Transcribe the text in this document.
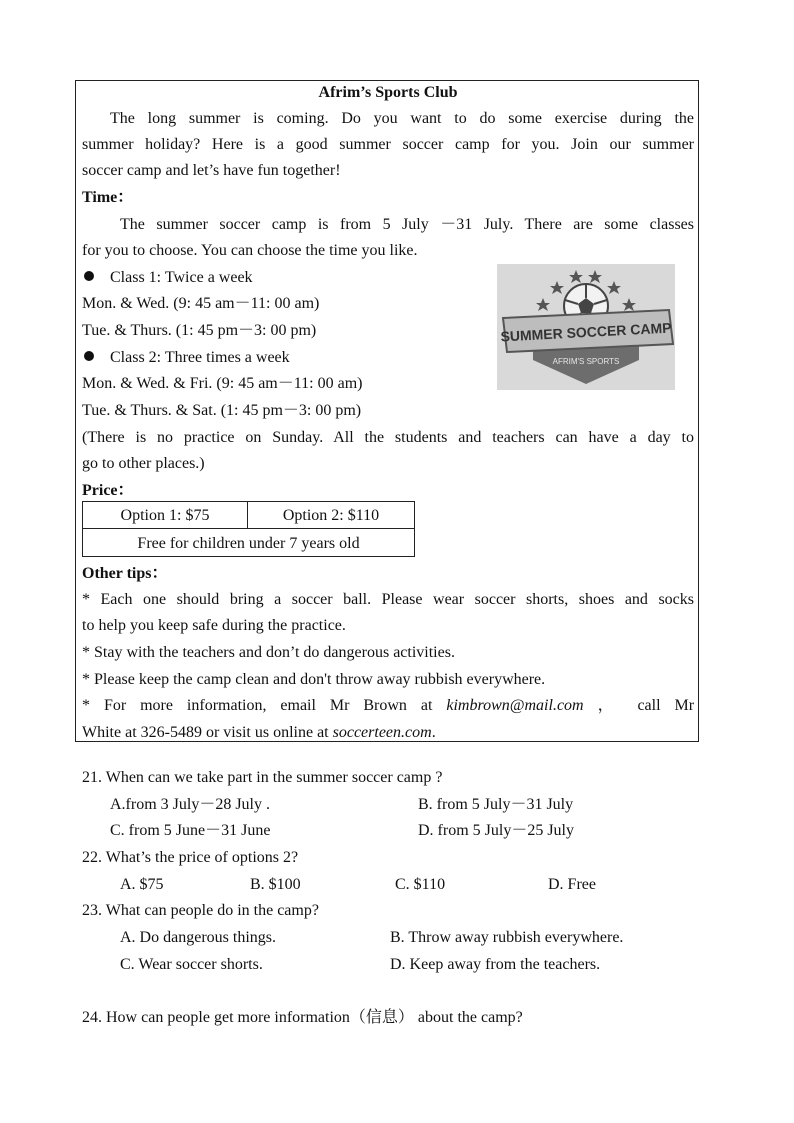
Afrim’s Sports Club
The long summer is coming. Do you want to do some exercise during the
summer holiday? Here is a good summer soccer camp for you. Join our summer
soccer camp and let’s have fun together!
Time：
The summer soccer camp is from 5 July －31 July. There are some classes
for you to choose. You can choose the time you like.
Class 1: Twice a week
Mon. & Wed. (9: 45 am－11: 00 am)
Tue. & Thurs. (1: 45 pm－3: 00 pm)
Class 2: Three times a week
Mon. & Wed. & Fri. (9: 45 am－11: 00 am)
Tue. & Thurs. & Sat. (1: 45 pm－3: 00 pm)
(There is no practice on Sunday. All the students and teachers can have a day to
go to other places.)
Price：
Option 1: $75	Option 2: $110
Free for children under 7 years old
Other tips：
* Each one should bring a soccer ball. Please wear soccer shorts, shoes and socks
to help you keep safe during the practice.
* Stay with the teachers and don’t do dangerous activities.
* Please keep the camp clean and don't throw away rubbish everywhere.
* For more information, email Mr Brown at kimbrown@mail.com ， call Mr
White at 326-5489 or visit us online at soccerteen.com.
SUMMER SOCCER CAMP
AFRIM'S SPORTS
21. When can we take part in the summer soccer camp ?
A.from 3 July－28 July .	B. from 5 July－31 July
C. from 5 June－31 June	D. from 5 July－25 July
22. What’s the price of options 2?
A. $75	B. $100	C. $110	D. Free
23. What can people do in the camp?
A. Do dangerous things.	B. Throw away rubbish everywhere.
C. Wear soccer shorts.	D. Keep away from the teachers.
24. How can people get more information（信息） about the camp?
